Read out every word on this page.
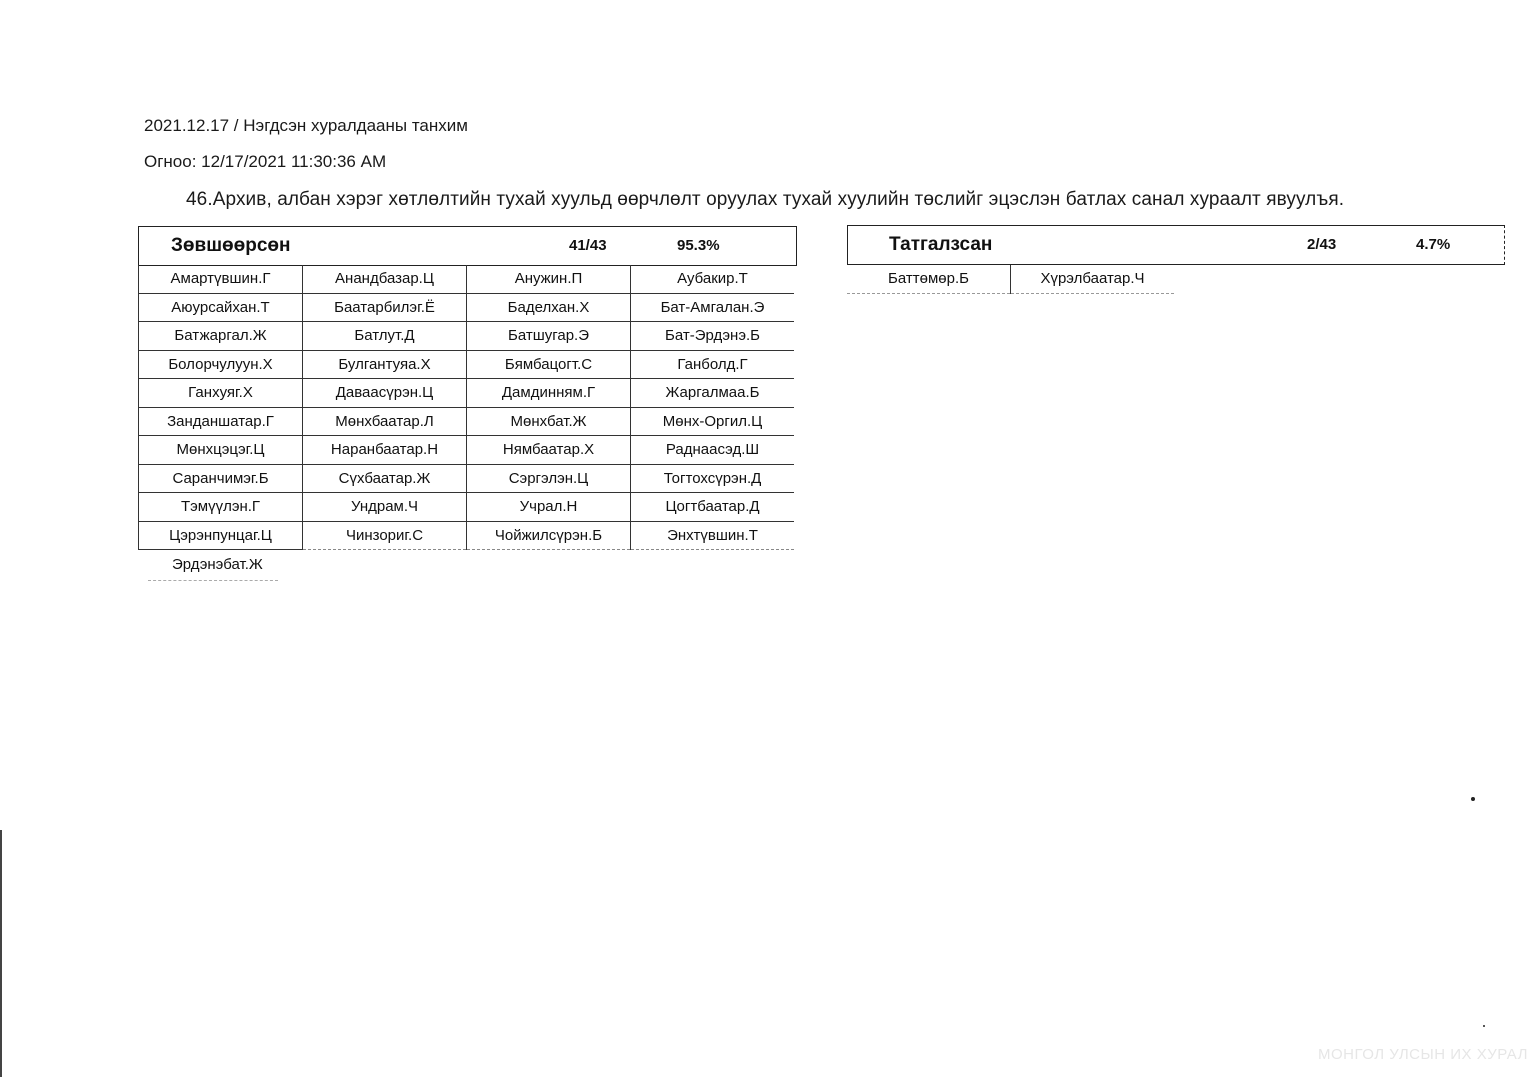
2021.12.17 / Нэгдсэн хуралдааны танхим
Огноо: 12/17/2021 11:30:36 AM
46.Архив, албан хэрэг хөтлөлтийн тухай хуульд өөрчлөлт оруулах тухай хуулийн төслийг эцэслэн батлах санал хураалт явуулъя.
Зөвшөөрсөн	41/43	95.3%
Амартүвшин.Г	Анандбазар.Ц	Анужин.П	Аубакир.Т
Аюурсайхан.Т	Баатарбилэг.Ё	Баделхан.Х	Бат-Амгалан.Э
Батжаргал.Ж	Батлут.Д	Батшугар.Э	Бат-Эрдэнэ.Б
Болорчулуун.Х	Булгантуяа.Х	Бямбацогт.С	Ганболд.Г
Ганхуяг.Х	Даваасүрэн.Ц	Дамдинням.Г	Жаргалмаа.Б
Занданшатар.Г	Мөнхбаатар.Л	Мөнхбат.Ж	Мөнх-Оргил.Ц
Мөнхцэцэг.Ц	Наранбаатар.Н	Нямбаатар.Х	Раднаасэд.Ш
Саранчимэг.Б	Сүхбаатар.Ж	Сэргэлэн.Ц	Тогтохсүрэн.Д
Тэмүүлэн.Г	Ундрам.Ч	Учрал.Н	Цогтбаатар.Д
Цэрэнпунцаг.Ц	Чинзориг.С	Чойжилсүрэн.Б	Энхтүвшин.Т
Эрдэнэбат.Ж
Татгалзсан	2/43	4.7%
Баттөмөр.Б	Хүрэлбаатар.Ч
МОНГОЛ УЛСЫН ИХ ХУРАЛ
